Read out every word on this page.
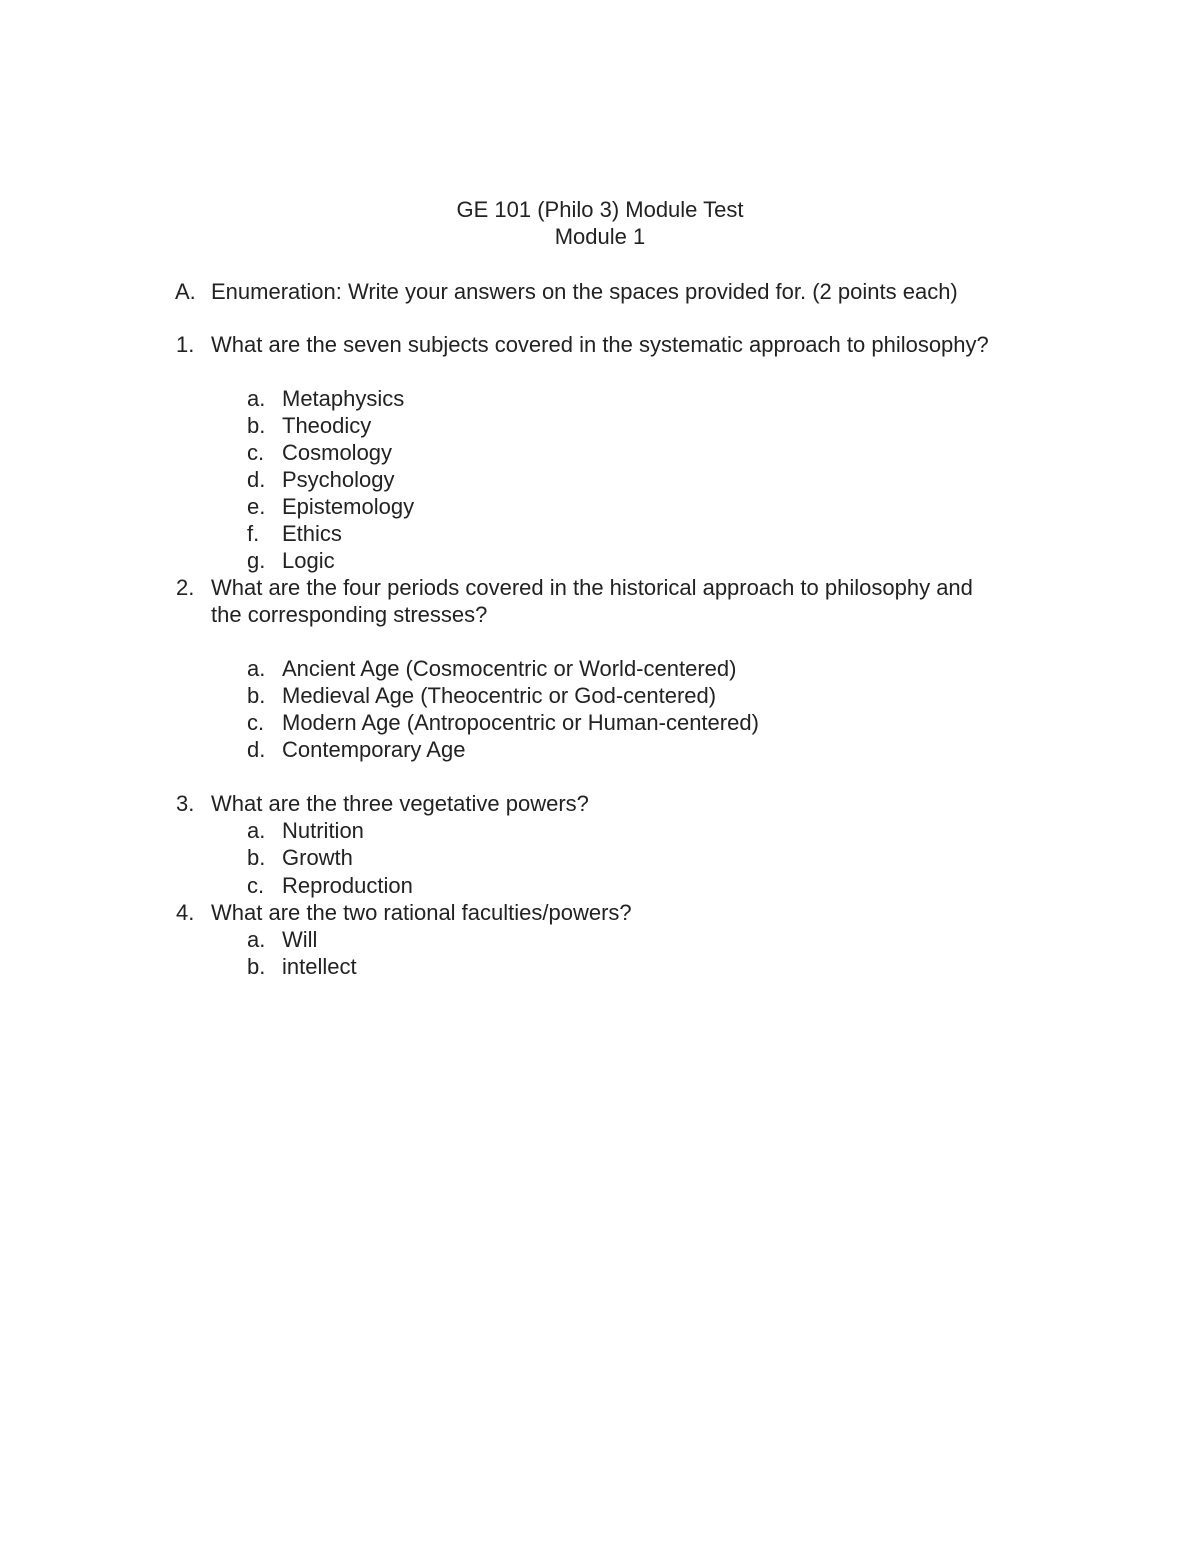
GE 101 (Philo 3) Module Test
Module 1
A. Enumeration: Write your answers on the spaces provided for. (2 points each)
1. What are the seven subjects covered in the systematic approach to philosophy?
a. Metaphysics
b. Theodicy
c. Cosmology
d. Psychology
e. Epistemology
f. Ethics
g. Logic
2. What are the four periods covered in the historical approach to philosophy and
the corresponding stresses?
a. Ancient Age (Cosmocentric or World-centered)
b. Medieval Age (Theocentric or God-centered)
c. Modern Age (Antropocentric or Human-centered)
d. Contemporary Age
3. What are the three vegetative powers?
a. Nutrition
b. Growth
c. Reproduction
4. What are the two rational faculties/powers?
a. Will
b. intellect
